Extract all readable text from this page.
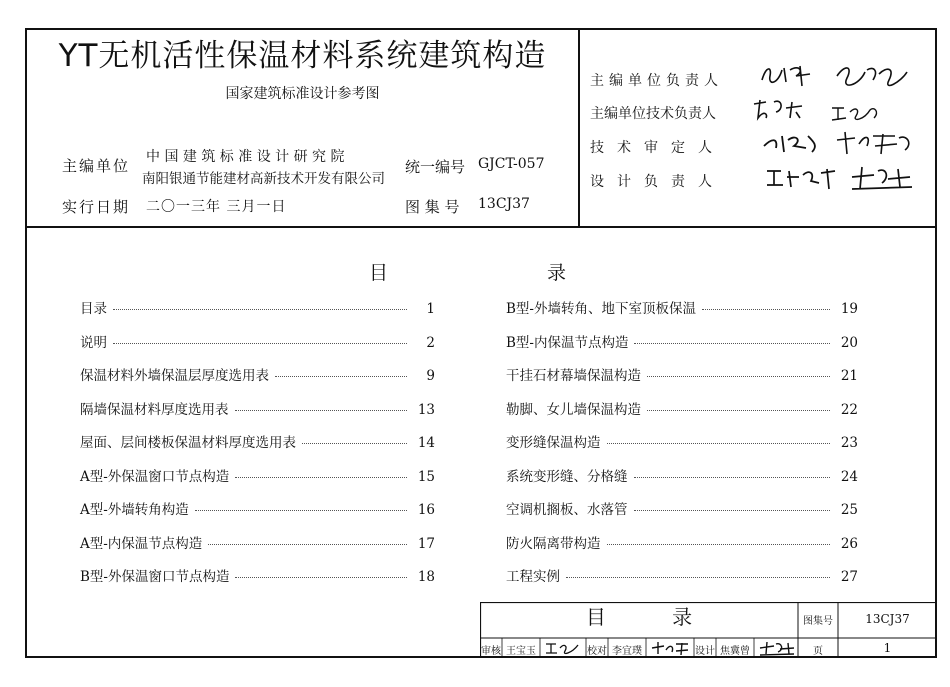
YT无机活性保温材料系统建筑构造
国家建筑标准设计参考图
主编单位 中 国 建 筑 标 准 设 计 研 究 院
南阳银通节能建材高新技术开发有限公司
统一编号 GJCT-057
实行日期 二〇一三年 三月一日	图 集 号 13CJ37
主编单位负责人
主编单位技术负责人
技术审定人
设计负责人
目	录
目录	1
说明	2
保温材料外墙保温层厚度选用表	9
隔墙保温材料厚度选用表	13
屋面、层间楼板保温材料厚度选用表	14
A型-外保温窗口节点构造	15
A型-外墙转角构造	16
A型-内保温节点构造	17
B型-外保温窗口节点构造	18
B型-外墙转角、地下室顶板保温	19
B型-内保温节点构造	20
干挂石材幕墙保温构造	21
勒脚、女儿墙保温构造	22
变形缝保温构造	23
系统变形缝、分格缝	24
空调机搁板、水落管	25
防火隔离带构造	26
工程实例	27
目 录	图集号	13CJ37
页	1
审核 王宝玉	校对 李宜璞	设计 焦冀曾
